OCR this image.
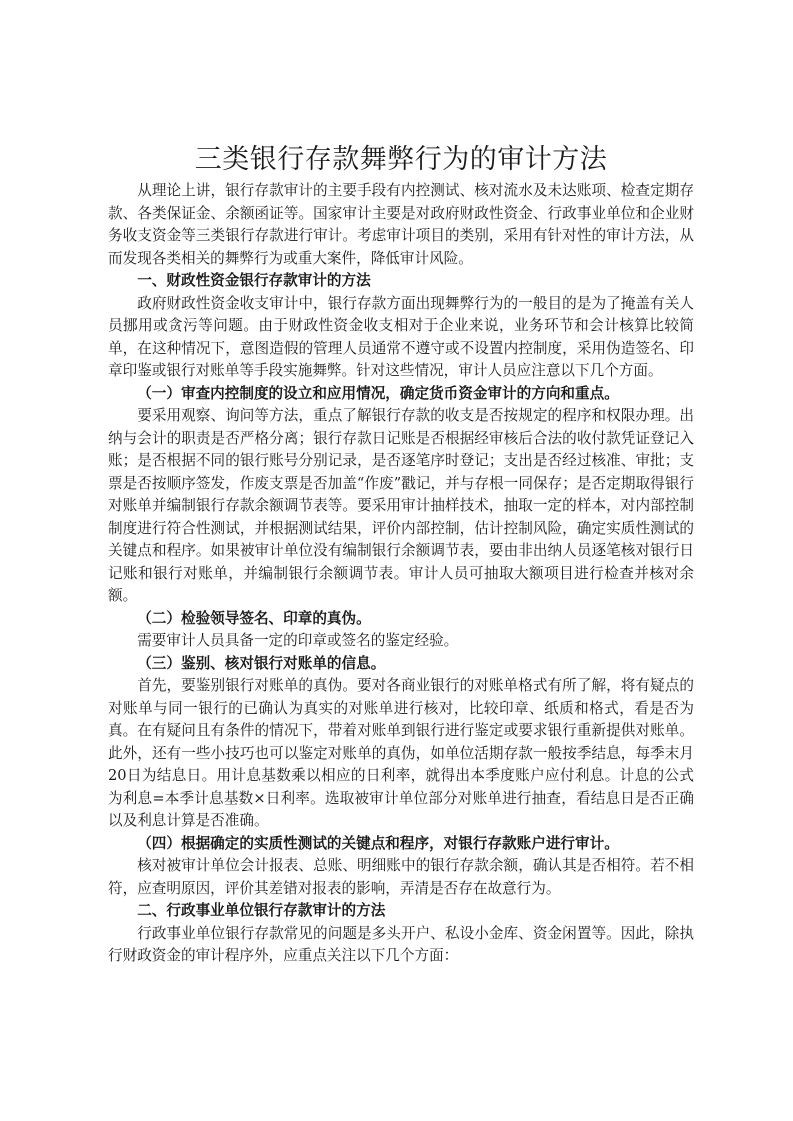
三类银行存款舞弊行为的审计方法

从理论上讲，银行存款审计的主要手段有内控测试、核对流水及未达账项、检查定期存款、各类保证金、余额函证等。国家审计主要是对政府财政性资金、行政事业单位和企业财务收支资金等三类银行存款进行审计。考虑审计项目的类别，采用有针对性的审计方法，从而发现各类相关的舞弊行为或重大案件，降低审计风险。

一、财政性资金银行存款审计的方法

政府财政性资金收支审计中，银行存款方面出现舞弊行为的一般目的是为了掩盖有关人员挪用或贪污等问题。由于财政性资金收支相对于企业来说，业务环节和会计核算比较简单，在这种情况下，意图造假的管理人员通常不遵守或不设置内控制度，采用伪造签名、印章印鉴或银行对账单等手段实施舞弊。针对这些情况，审计人员应注意以下几个方面。

（一）审查内控制度的设立和应用情况，确定货币资金审计的方向和重点。

要采用观察、询问等方法，重点了解银行存款的收支是否按规定的程序和权限办理。出纳与会计的职责是否严格分离；银行存款日记账是否根据经审核后合法的收付款凭证登记入账；是否根据不同的银行账号分别记录，是否逐笔序时登记；支出是否经过核准、审批；支票是否按顺序签发，作废支票是否加盖“作废”戳记，并与存根一同保存；是否定期取得银行对账单并编制银行存款余额调节表等。要采用审计抽样技术，抽取一定的样本，对内部控制制度进行符合性测试，并根据测试结果，评价内部控制，估计控制风险，确定实质性测试的关键点和程序。如果被审计单位没有编制银行余额调节表，要由非出纳人员逐笔核对银行日记账和银行对账单，并编制银行余额调节表。审计人员可抽取大额项目进行检查并核对余额。

（二）检验领导签名、印章的真伪。

需要审计人员具备一定的印章或签名的鉴定经验。

（三）鉴别、核对银行对账单的信息。

首先，要鉴别银行对账单的真伪。要对各商业银行的对账单格式有所了解，将有疑点的对账单与同一银行的已确认为真实的对账单进行核对，比较印章、纸质和格式，看是否为真。在有疑问且有条件的情况下，带着对账单到银行进行鉴定或要求银行重新提供对账单。此外，还有一些小技巧也可以鉴定对账单的真伪，如单位活期存款一般按季结息，每季末月20日为结息日。用计息基数乘以相应的日利率，就得出本季度账户应付利息。计息的公式为利息=本季计息基数×日利率。选取被审计单位部分对账单进行抽查，看结息日是否正确以及利息计算是否准确。

（四）根据确定的实质性测试的关键点和程序，对银行存款账户进行审计。

核对被审计单位会计报表、总账、明细账中的银行存款余额，确认其是否相符。若不相符，应查明原因，评价其差错对报表的影响，弄清是否存在故意行为。

二、行政事业单位银行存款审计的方法

行政事业单位银行存款常见的问题是多头开户、私设小金库、资金闲置等。因此，除执行财政资金的审计程序外，应重点关注以下几个方面：
